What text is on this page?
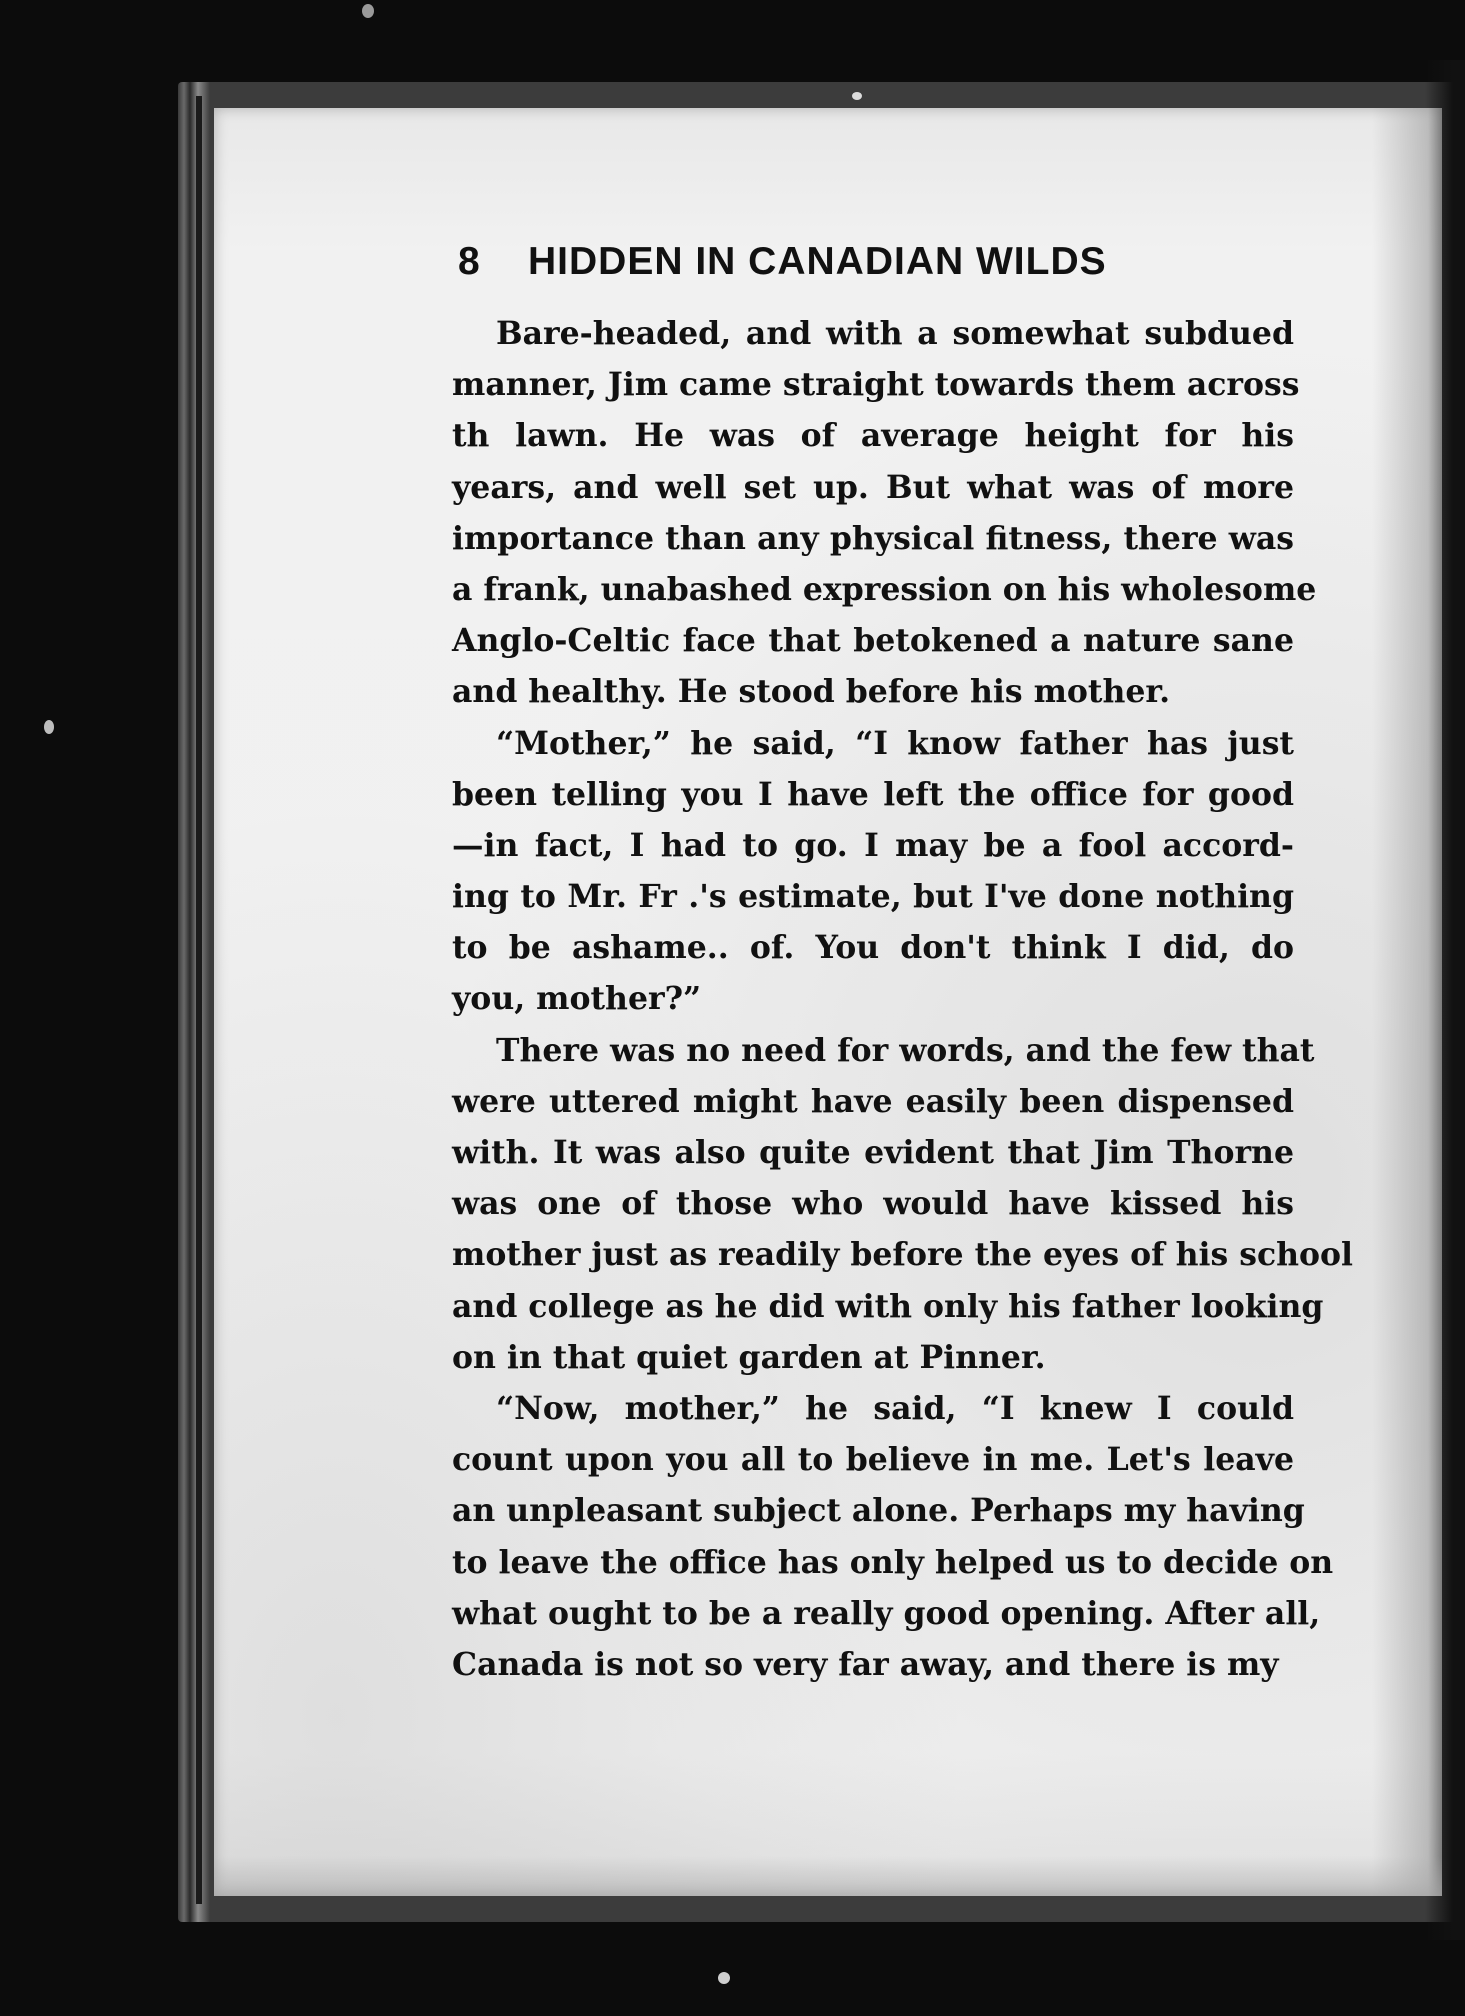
8 HIDDEN IN CANADIAN WILDS
Bare-headed, and with a somewhat subdued
manner, Jim came straight towards them across
th lawn. He was of average height for his
years, and well set up. But what was of more
importance than any physical fitness, there was
a frank, unabashed expression on his wholesome
Anglo-Celtic face that betokened a nature sane
and healthy. He stood before his mother.
“Mother,” he said, “I know father has just
been telling you I have left the office for good
—in fact, I had to go. I may be a fool accord-
ing to Mr. Fr .'s estimate, but I've done nothing
to be ashame.. of. You don't think I did, do
you, mother?”
There was no need for words, and the few that
were uttered might have easily been dispensed
with. It was also quite evident that Jim Thorne
was one of those who would have kissed his
mother just as readily before the eyes of his school
and college as he did with only his father looking
on in that quiet garden at Pinner.
“Now, mother,” he said, “I knew I could
count upon you all to believe in me. Let's leave
an unpleasant subject alone. Perhaps my having
to leave the office has only helped us to decide on
what ought to be a really good opening. After all,
Canada is not so very far away, and there is my
